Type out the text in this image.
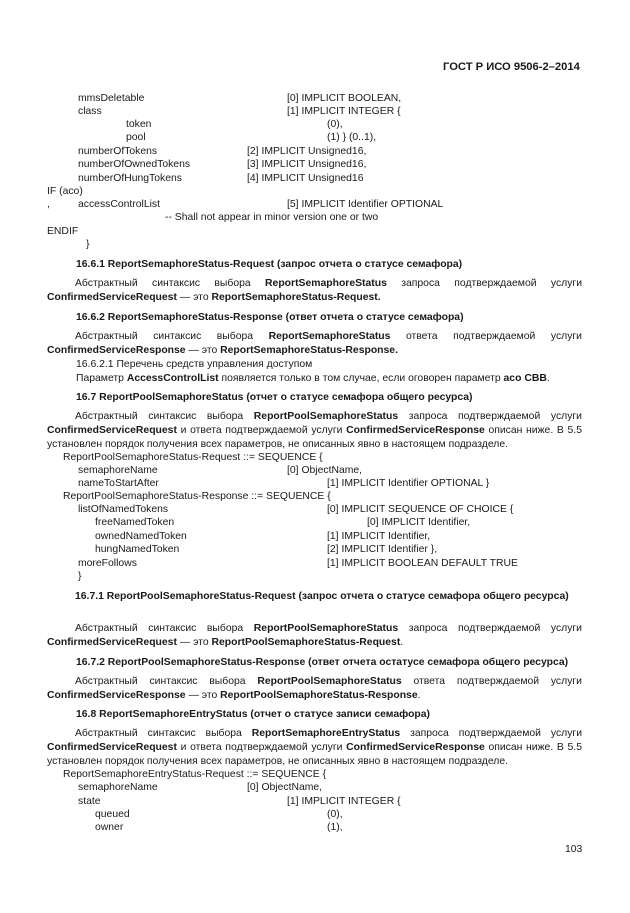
ГОСТ Р ИСО 9506-2–2014
mmsDeletable	[0] IMPLICIT BOOLEAN,
class	[1] IMPLICIT INTEGER {
token	(0),
pool	(1) } (0..1),
numberOfTokens	[2] IMPLICIT Unsigned16,
numberOfOwnedTokens	[3] IMPLICIT Unsigned16,
numberOfHungTokens	[4] IMPLICIT Unsigned16
IF (aco)
,	accessControlList	[5] IMPLICIT Identifier OPTIONAL
-- Shall not appear in minor version one or two
ENDIF
}
16.6.1 ReportSemaphoreStatus-Request (запрос отчета о статусе семафора)
Абстрактный синтаксис выбора ReportSemaphoreStatus запроса подтверждаемой услуги ConfirmedServiceRequest — это ReportSemaphoreStatus-Request.
16.6.2 ReportSemaphoreStatus-Response (ответ отчета о статусе семафора)
Абстрактный синтаксис выбора ReportSemaphoreStatus ответа подтверждаемой услуги ConfirmedServiceResponse — это ReportSemaphoreStatus-Response.
16.6.2.1 Перечень средств управления доступом
Параметр AccessControlList появляется только в том случае, если оговорен параметр aco CBB.
16.7 ReportPoolSemaphoreStatus (отчет о статусе семафора общего ресурса)
Абстрактный синтаксис выбора ReportPoolSemaphoreStatus запроса подтверждаемой услуги ConfirmedServiceRequest и ответа подтверждаемой услуги ConfirmedServiceResponse описан ниже. В 5.5 установлен порядок получения всех параметров, не описанных явно в настоящем подразделе.
ReportPoolSemaphoreStatus-Request ::= SEQUENCE {
semaphoreName	[0] ObjectName,
nameToStartAfter	[1] IMPLICIT Identifier OPTIONAL }
ReportPoolSemaphoreStatus-Response ::= SEQUENCE {
listOfNamedTokens	[0] IMPLICIT SEQUENCE OF CHOICE {
freeNamedToken	[0] IMPLICIT Identifier,
ownedNamedToken	[1] IMPLICIT Identifier,
hungNamedToken	[2] IMPLICIT Identifier },
moreFollows	[1] IMPLICIT BOOLEAN DEFAULT TRUE
}
16.7.1 ReportPoolSemaphoreStatus-Request (запрос отчета о статусе семафора общего ресурса)
Абстрактный синтаксис выбора ReportPoolSemaphoreStatus запроса подтверждаемой услуги ConfirmedServiceRequest — это ReportPoolSemaphoreStatus-Request.
16.7.2 ReportPoolSemaphoreStatus-Response (ответ отчета остатусе семафора общего ресурса)
Абстрактный синтаксис выбора ReportPoolSemaphoreStatus ответа подтверждаемой услуги ConfirmedServiceResponse — это ReportPoolSemaphoreStatus-Response.
16.8 ReportSemaphoreEntryStatus (отчет о статусе записи семафора)
Абстрактный синтаксис выбора ReportSemaphoreEntryStatus запроса подтверждаемой услуги ConfirmedServiceRequest и ответа подтверждаемой услуги ConfirmedServiceResponse описан ниже. В 5.5 установлен порядок получения всех параметров, не описанных явно в настоящем подразделе.
ReportSemaphoreEntryStatus-Request ::= SEQUENCE {
semaphoreName	[0] ObjectName,
state	[1] IMPLICIT INTEGER {
queued	(0),
owner	(1),
103
